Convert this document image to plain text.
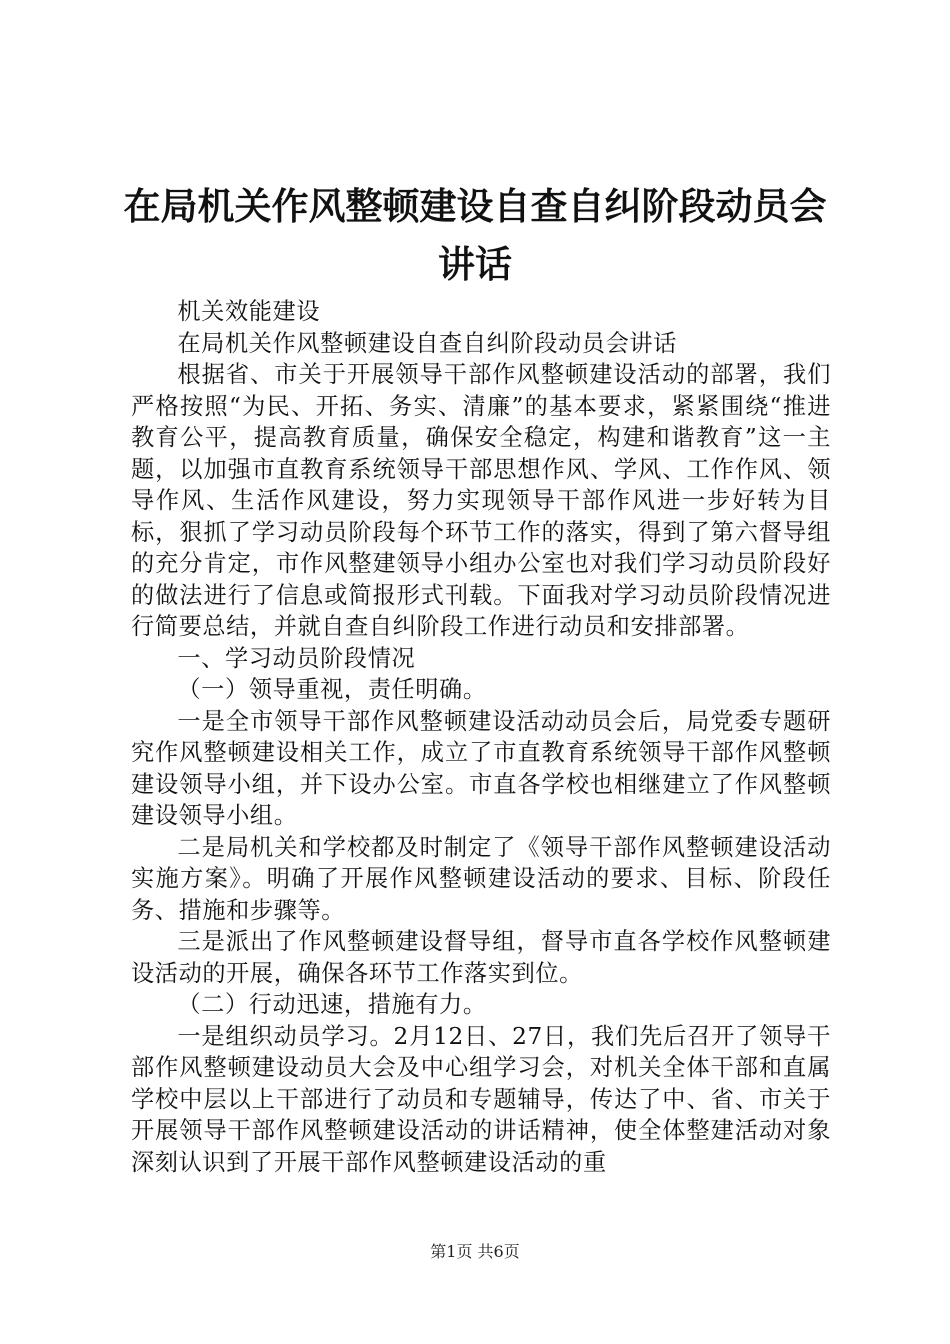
在局机关作风整顿建设自查自纠阶段动员会讲话

机关效能建设

在局机关作风整顿建设自查自纠阶段动员会讲话

根据省、市关于开展领导干部作风整顿建设活动的部署，我们严格按照“为民、开拓、务实、清廉”的基本要求，紧紧围绕“推进教育公平，提高教育质量，确保安全稳定，构建和谐教育”这一主题，以加强市直教育系统领导干部思想作风、学风、工作作风、领导作风、生活作风建设，努力实现领导干部作风进一步好转为目标，狠抓了学习动员阶段每个环节工作的落实，得到了第六督导组的充分肯定，市作风整建领导小组办公室也对我们学习动员阶段好的做法进行了信息或简报形式刊载。下面我对学习动员阶段情况进行简要总结，并就自查自纠阶段工作进行动员和安排部署。

一、学习动员阶段情况

（一）领导重视，责任明确。

一是全市领导干部作风整顿建设活动动员会后，局党委专题研究作风整顿建设相关工作，成立了市直教育系统领导干部作风整顿建设领导小组，并下设办公室。市直各学校也相继建立了作风整顿建设领导小组。

二是局机关和学校都及时制定了《领导干部作风整顿建设活动实施方案》。明确了开展作风整顿建设活动的要求、目标、阶段任务、措施和步骤等。

三是派出了作风整顿建设督导组，督导市直各学校作风整顿建设活动的开展，确保各环节工作落实到位。

（二）行动迅速，措施有力。

一是组织动员学习。2月12日、27日，我们先后召开了领导干部作风整顿建设动员大会及中心组学习会，对机关全体干部和直属学校中层以上干部进行了动员和专题辅导，传达了中、省、市关于开展领导干部作风整顿建设活动的讲话精神，使全体整建活动对象深刻认识到了开展干部作风整顿建设活动的重

第1页 共6页
